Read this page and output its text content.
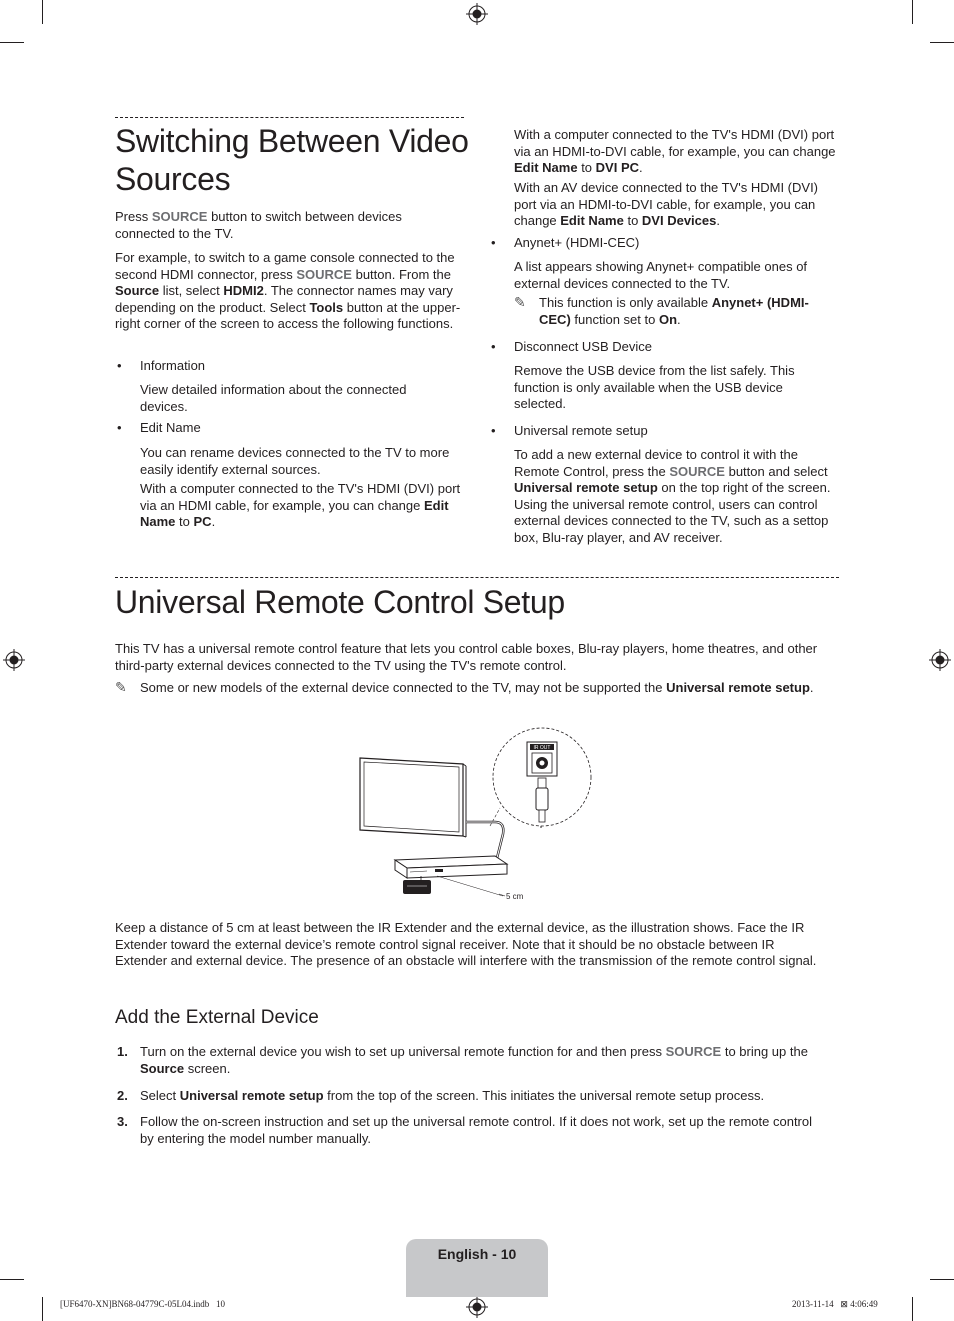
Switching Between Video
Sources

Press SOURCE button to switch between devices connected to the TV.

For example, to switch to a game console connected to the second HDMI connector, press SOURCE button. From the Source list, select HDMI2. The connector names may vary depending on the product. Select Tools button at the upper-right corner of the screen to access the following functions.

• Information

View detailed information about the connected devices.

• Edit Name

You can rename devices connected to the TV to more easily identify external sources.

With a computer connected to the TV's HDMI (DVI) port via an HDMI cable, for example, you can change Edit Name to PC.

With a computer connected to the TV's HDMI (DVI) port via an HDMI-to-DVI cable, for example, you can change Edit Name to DVI PC.

With an AV device connected to the TV's HDMI (DVI) port via an HDMI-to-DVI cable, for example, you can change Edit Name to DVI Devices.

• Anynet+ (HDMI-CEC)

A list appears showing Anynet+ compatible ones of external devices connected to the TV.

✎ This function is only available Anynet+ (HDMI-CEC) function set to On.
• Disconnect USB Device

Remove the USB device from the list safely. This function is only available when the USB device selected.

• Universal remote setup

To add a new external device to control it with the Remote Control, press the SOURCE button and select Universal remote setup on the top right of the screen. Using the universal remote control, users can control external devices connected to the TV, such as a settop box, Blu-ray player, and AV receiver.

Universal Remote Control Setup

This TV has a universal remote control feature that lets you control cable boxes, Blu-ray players, home theatres, and other third-party external devices connected to the TV using the TV's remote control.

✎ Some or new models of the external device connected to the TV, may not be supported the Universal remote setup.
5 cm
IR OUT

Keep a distance of 5 cm at least between the IR Extender and the external device, as the illustration shows. Face the IR Extender toward the external device’s remote control signal receiver. Note that it should be no obstacle between IR Extender and external device. The presence of an obstacle will interfere with the transmission of the remote control signal.

Add the External Device
1. Turn on the external device you wish to set up universal remote function for and then press SOURCE to bring up the Source screen.
2. Select Universal remote setup from the top of the screen. This initiates the universal remote setup process.
3. Follow the on-screen instruction and set up the universal remote control. If it does not work, set up the remote control by entering the model number manually.
English - 10
[UF6470-XN]BN68-04779C-05L04.indb   10	2013-11-14   ⊠ 4:06:49
